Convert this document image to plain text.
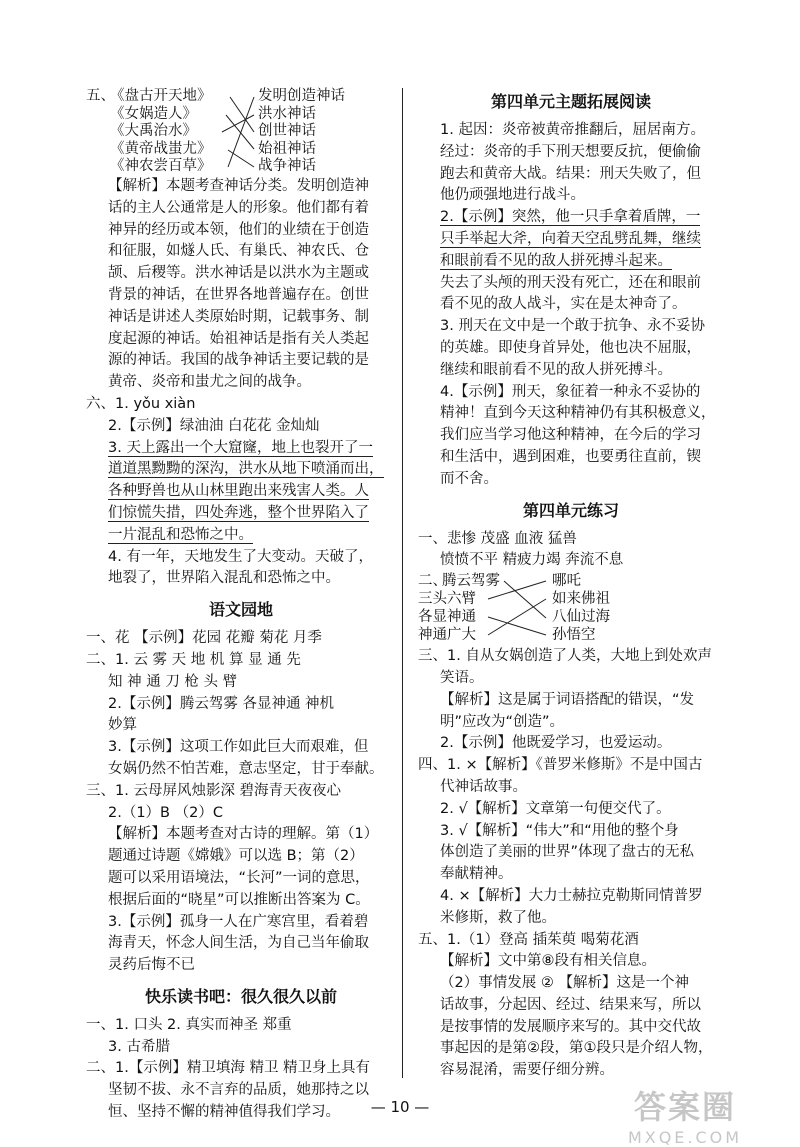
五、
《盘古开天地》
《女娲造人》
《大禹治水》
《黄帝战蚩尤》
《神农尝百草》
发明创造神话
洪水神话
创世神话
始祖神话
战争神话
【解析】本题考查神话分类。发明创造神
话的主人公通常是人的形象。他们都有着
神异的经历或本领，他们的业绩在于创造
和征服，如燧人氏、有巢氏、神农氏、仓
颉、后稷等。洪水神话是以洪水为主题或
背景的神话，在世界各地普遍存在。创世
神话是讲述人类原始时期，记载事务、制
度起源的神话。始祖神话是指有关人类起
源的神话。我国的战争神话主要记载的是
黄帝、炎帝和蚩尤之间的战争。
六、1. yǒu xiàn
2.【示例】绿油油 白花花 金灿灿
3. 天上露出一个大窟窿，地上也裂开了一
道道黑黝黝的深沟，洪水从地下喷涌而出，
各种野兽也从山林里跑出来残害人类。人
们惊慌失措，四处奔逃，整个世界陷入了
一片混乱和恐怖之中。
4. 有一年，天地发生了大变动。天破了，
地裂了，世界陷入混乱和恐怖之中。
语文园地
一、花 【示例】花园 花瓣 菊花 月季
二、1. 云 雾 天 地 机 算 显 通 先
知 神 通 刀 枪 头 臂
2.【示例】腾云驾雾 各显神通 神机
妙算
3.【示例】这项工作如此巨大而艰难，但
女娲仍然不怕苦难，意志坚定，甘于奉献。
三、1. 云母屏风烛影深 碧海青天夜夜心
2.（1）B （2）C
【解析】本题考查对古诗的理解。第（1）
题通过诗题《嫦娥》可以选 B；第（2）
题可以采用语境法，“长河”一词的意思，
根据后面的“晓星”可以推断出答案为 C。
3.【示例】孤身一人在广寒宫里，看着碧
海青天，怀念人间生活，为自己当年偷取
灵药后悔不已
快乐读书吧：很久很久以前
一、1. 口头 2. 真实而神圣 郑重
3. 古希腊
二、1.【示例】精卫填海 精卫 精卫身上具有
坚韧不拔、永不言弃的品质，她那持之以
恒、坚持不懈的精神值得我们学习。
第四单元主题拓展阅读
1. 起因：炎帝被黄帝推翻后，屈居南方。
经过：炎帝的手下刑天想要反抗，便偷偷
跑去和黄帝大战。结果：刑天失败了，但
他仍顽强地进行战斗。
2.【示例】突然，他一只手拿着盾牌，一
只手举起大斧，向着天空乱劈乱舞，继续
和眼前看不见的敌人拼死搏斗起来。
失去了头颅的刑天没有死亡，还在和眼前
看不见的敌人战斗，实在是太神奇了。
3. 刑天在文中是一个敢于抗争、永不妥协
的英雄。即使身首异处，他也决不屈服，
继续和眼前看不见的敌人拼死搏斗。
4.【示例】刑天，象征着一种永不妥协的
精神！直到今天这种精神仍有其积极意义，
我们应当学习他这种精神，在今后的学习
和生活中，遇到困难，也要勇往直前，锲
而不舍。
第四单元练习
一、悲惨 茂盛 血液 猛兽
愤愤不平 精疲力竭 奔流不息
二、
腾云驾雾
三头六臂
各显神通
神通广大
哪吒
如来佛祖
八仙过海
孙悟空
三、1. 自从女娲创造了人类，大地上到处欢声
笑语。
【解析】这是属于词语搭配的错误，“发
明”应改为“创造”。
2.【示例】他既爱学习，也爱运动。
四、1. ×【解析】《普罗米修斯》不是中国古
代神话故事。
2. √【解析】文章第一句便交代了。
3. √【解析】“伟大”和“用他的整个身
体创造了美丽的世界”体现了盘古的无私
奉献精神。
4. ×【解析】大力士赫拉克勒斯同情普罗
米修斯，救了他。
五、1.（1）登高 插茱萸 喝菊花酒
【解析】文中第⑧段有相关信息。
（2）事情发展 ② 【解析】这是一个神
话故事，分起因、经过、结果来写，所以
是按事情的发展顺序来写的。其中交代故
事起因的是第②段，第①段只是介绍人物，
容易混淆，需要仔细分辨。
— 10 —	答案圈
MXQE.COM
